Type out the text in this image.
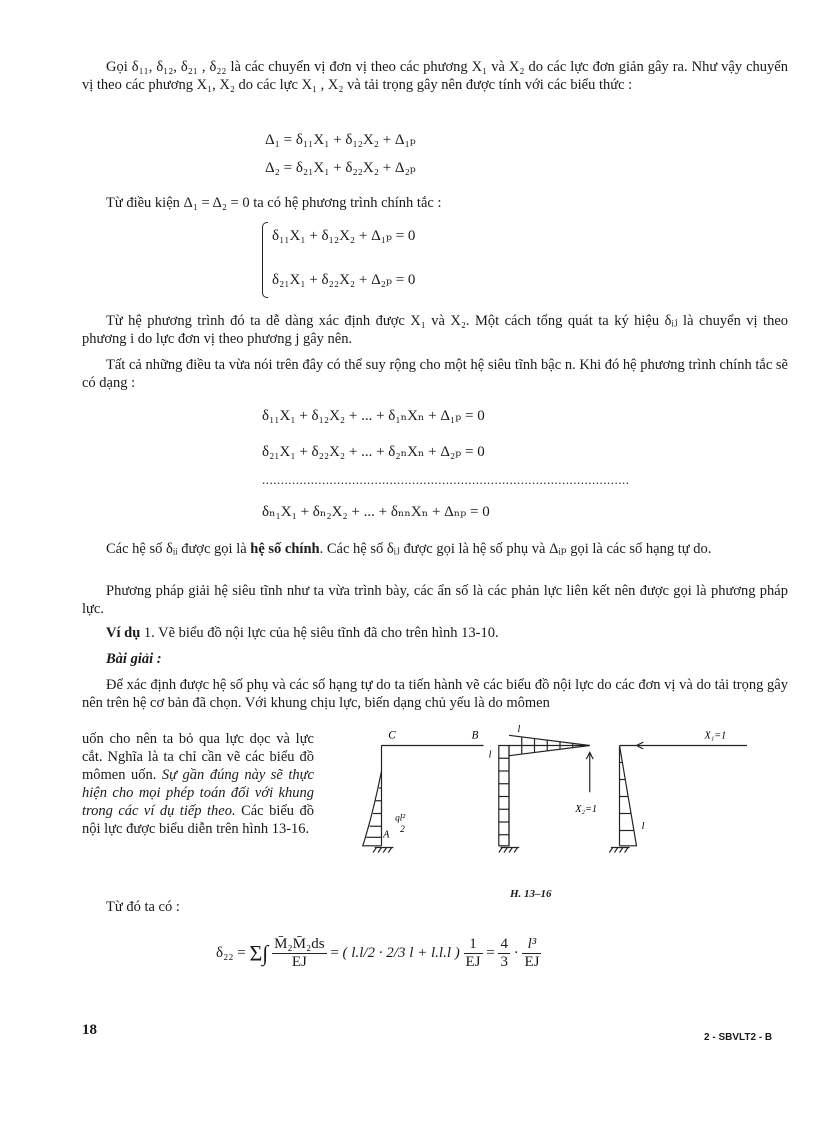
Gọi δ₁₁, δ₁₂, δ₂₁ , δ₂₂ là các chuyển vị đơn vị theo các phương X₁ và X₂ do các lực đơn giản gây ra. Như vậy chuyển vị theo các phương X₁, X₂ do các lực X₁ , X₂ và tải trọng gây nên được tính với các biểu thức :
Δ₁ = δ₁₁X₁ + δ₁₂X₂ + Δ₁ₚ
Δ₂ = δ₂₁X₁ + δ₂₂X₂ + Δ₂ₚ
Từ điều kiện Δ₁ = Δ₂ = 0 ta có hệ phương trình chính tắc :
δ₁₁X₁ + δ₁₂X₂ + Δ₁ₚ = 0
δ₂₁X₁ + δ₂₂X₂ + Δ₂ₚ = 0
Từ hệ phương trình đó ta dễ dàng xác định được X₁ và X₂. Một cách tổng quát ta ký hiệu δᵢⱼ là chuyển vị theo phương i do lực đơn vị theo phương j gây nên.
Tất cả những điều ta vừa nói trên đây có thể suy rộng cho một hệ siêu tĩnh bậc n. Khi đó hệ phương trình chính tắc sẽ có dạng :
δ₁₁X₁ + δ₁₂X₂ + ... + δ₁ₙXₙ + Δ₁ₚ = 0
δ₂₁X₁ + δ₂₂X₂ + ... + δ₂ₙXₙ + Δ₂ₚ = 0
..................................................................................................
δₙ₁X₁ + δₙ₂X₂ + ... + δₙₙXₙ + Δₙₚ = 0
Các hệ số δᵢᵢ được gọi là hệ số chính. Các hệ số δᵢⱼ được gọi là hệ số phụ và Δᵢₚ gọi là các số hạng tự do.
Phương pháp giải hệ siêu tĩnh như ta vừa trình bày, các ẩn số là các phản lực liên kết nên được gọi là phương pháp lực.
Ví dụ 1. Vẽ biểu đồ nội lực của hệ siêu tĩnh đã cho trên hình 13-10.
Bài giải :
Để xác định được hệ số phụ và các số hạng tự do ta tiến hành vẽ các biểu đồ nội lực do các đơn vị và do tải trọng gây nên trên hệ cơ bản đã chọn. Với khung chịu lực, biến dạng chủ yếu là do mômen
uốn cho nên ta bỏ qua lực dọc và lực cắt. Nghĩa là ta chỉ cần vẽ các biểu đồ mômen uốn. Sự gần đúng này sẽ thực hiện cho mọi phép toán đối với khung trong các ví dụ tiếp theo. Các biểu đồ nội lực được biểu diễn trên hình 13-16.
Từ đó ta có :
C	B
A
ql²
2
l
l
X₂=1
l
X₁=1
H. 13–16
$\delta_{22} = \Sigma\int \frac{\text{M̄₂M̄₂ds}}{EJ}$ = ( l.l/2 · 2/3 l + l.l.l ) $\frac{1}{EJ} = \frac{4}{3} \cdot \frac{\text{l³}}{EJ}$
18	2 - SBVLT2 - B
